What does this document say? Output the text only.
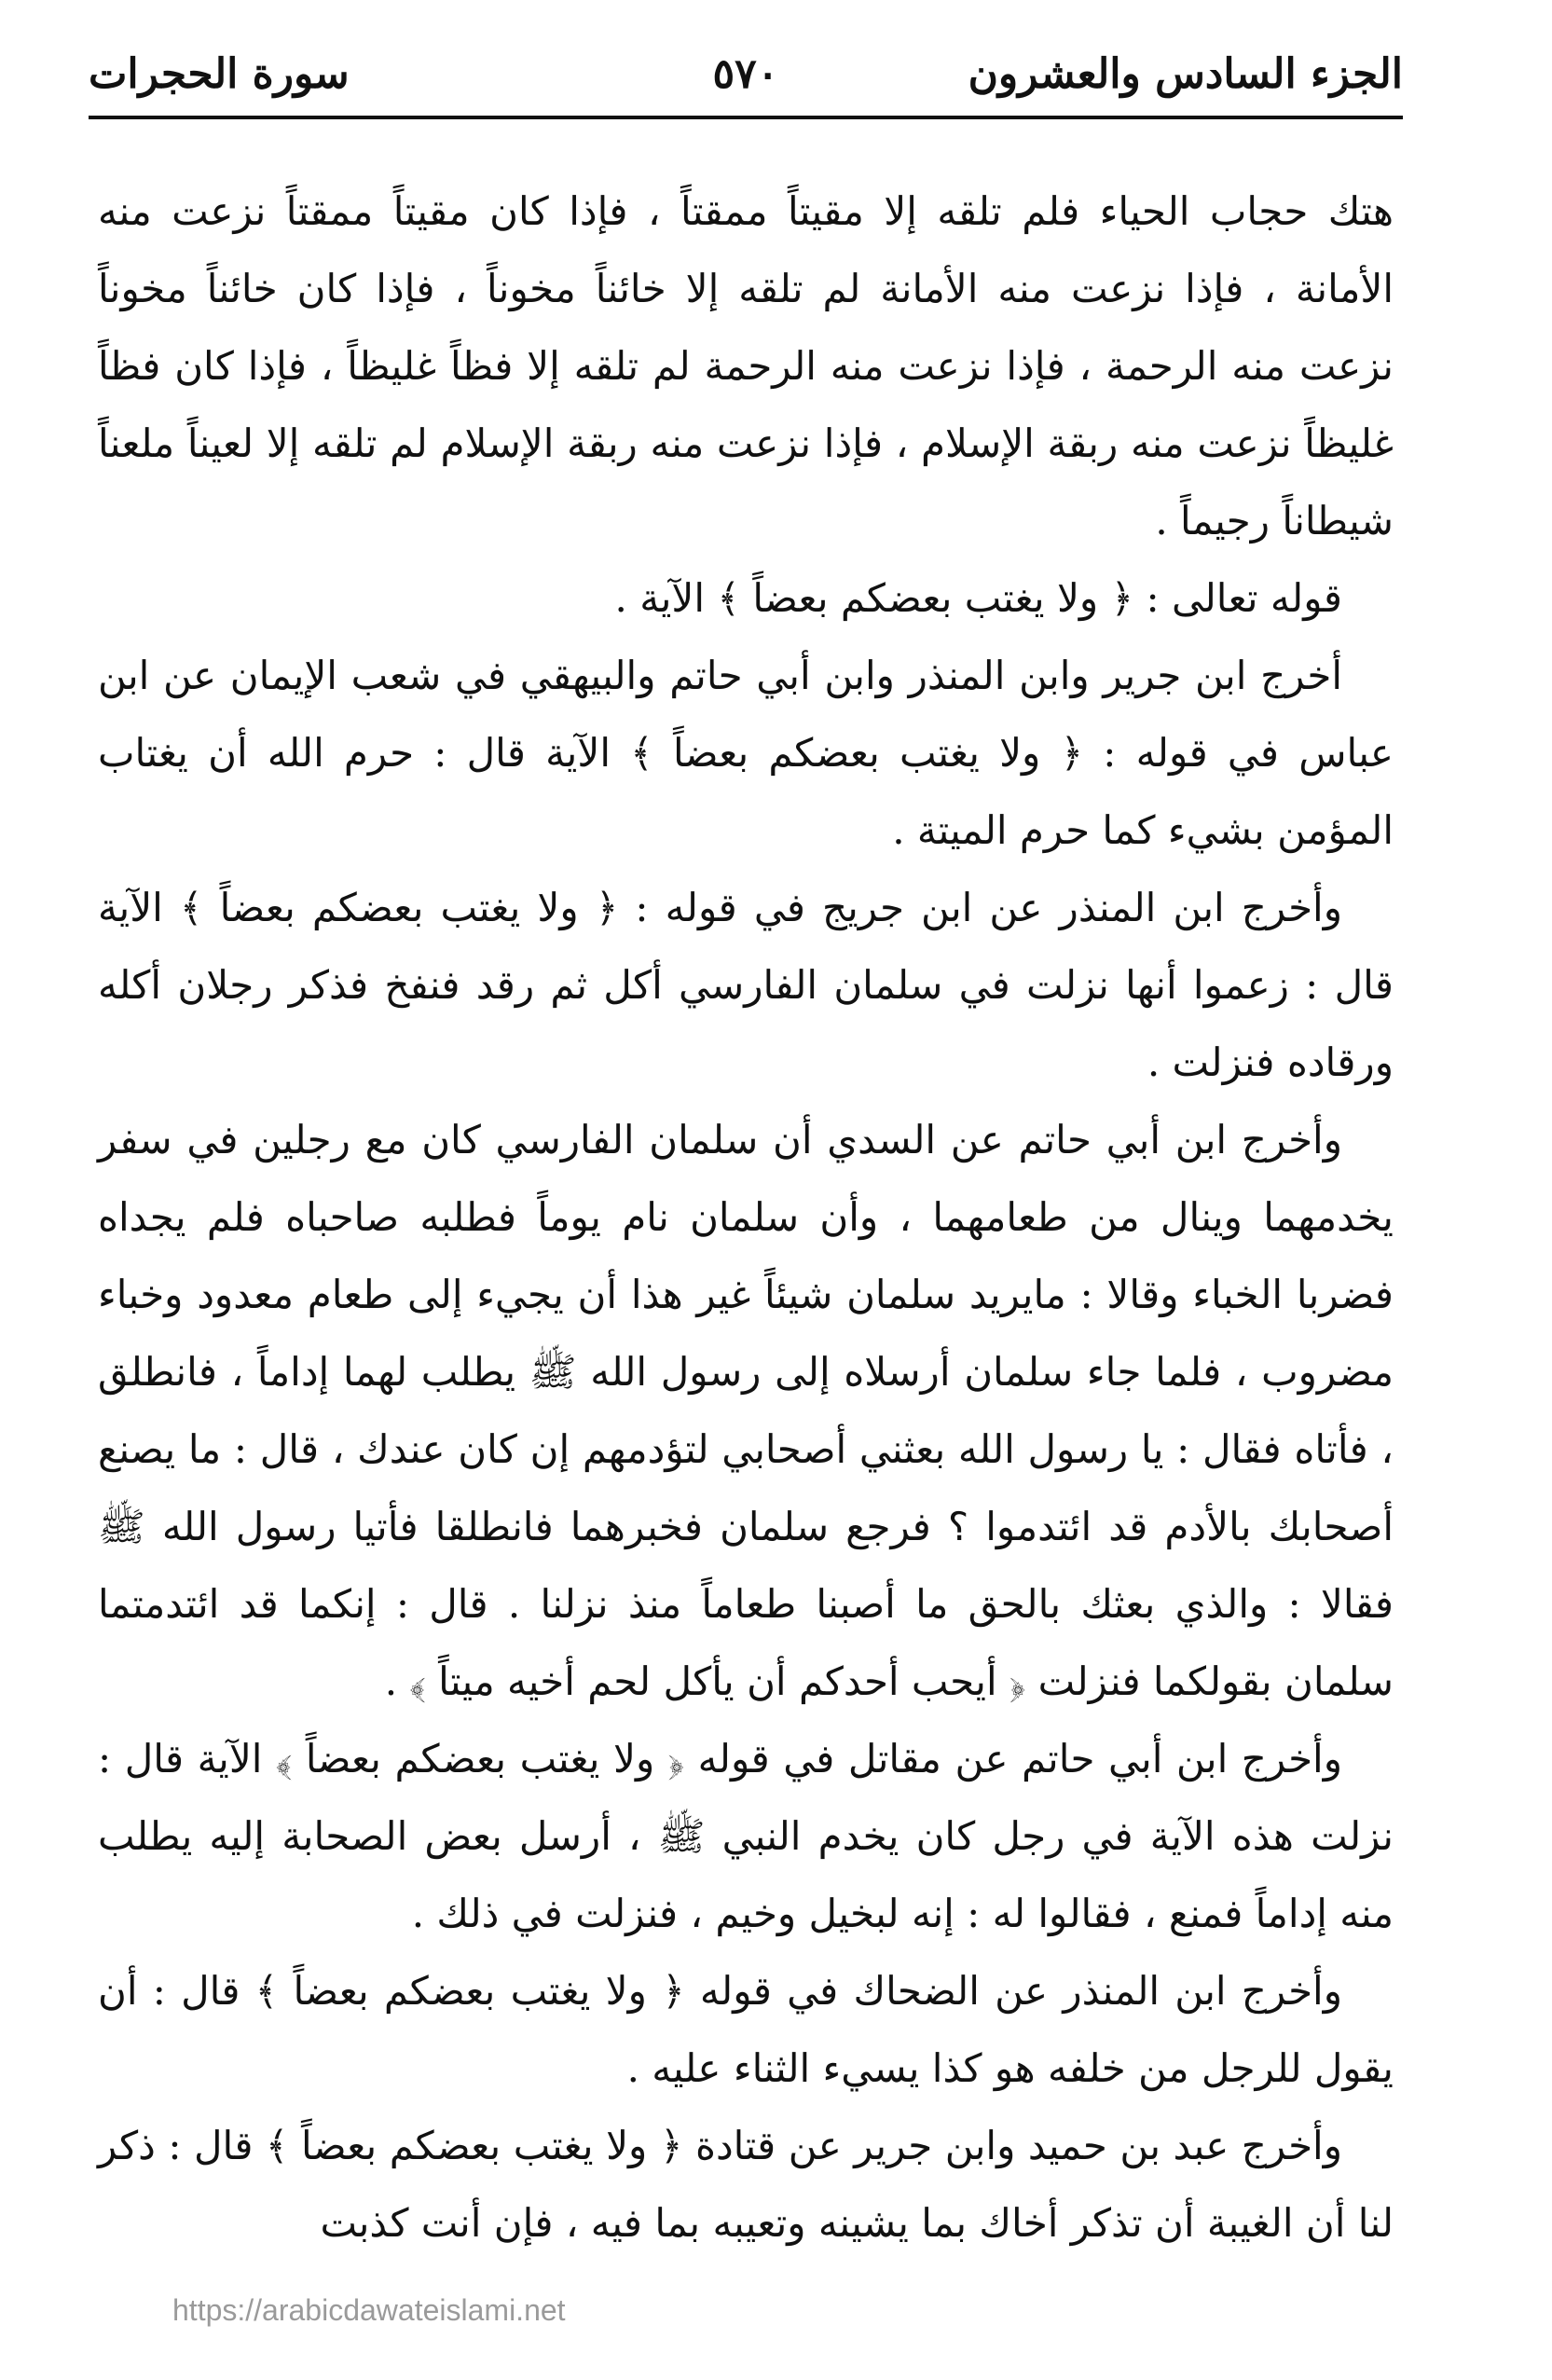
الجزء السادس والعشرون
٥٧٠
سورة الحجرات

هتك حجاب الحياء فلم تلقه إلا مقيتاً ممقتاً ، فإذا كان مقيتاً ممقتاً نزعت منه الأمانة ، فإذا نزعت منه الأمانة لم تلقه إلا خائناً مخوناً ، فإذا كان خائناً مخوناً نزعت منه الرحمة ، فإذا نزعت منه الرحمة لم تلقه إلا فظاً غليظاً ، فإذا كان فظاً غليظاً نزعت منه ربقة الإسلام ، فإذا نزعت منه ربقة الإسلام لم تلقه إلا لعيناً ملعناً شيطاناً رجيماً .

قوله تعالى : ﴿ ولا يغتب بعضكم بعضاً ﴾ الآية .

أخرج ابن جرير وابن المنذر وابن أبي حاتم والبيهقي في شعب الإيمان عن ابن عباس في قوله : ﴿ ولا يغتب بعضكم بعضاً ﴾ الآية قال : حرم الله أن يغتاب المؤمن بشيء كما حرم الميتة .

وأخرج ابن المنذر عن ابن جريج في قوله : ﴿ ولا يغتب بعضكم بعضاً ﴾ الآية قال : زعموا أنها نزلت في سلمان الفارسي أكل ثم رقد فنفخ فذكر رجلان أكله ورقاده فنزلت .

وأخرج ابن أبي حاتم عن السدي أن سلمان الفارسي كان مع رجلين في سفر يخدمهما وينال من طعامهما ، وأن سلمان نام يوماً فطلبه صاحباه فلم يجداه فضربا الخباء وقالا : مايريد سلمان شيئاً غير هذا أن يجيء إلى طعام معدود وخباء مضروب ، فلما جاء سلمان أرسلاه إلى رسول الله ﷺ يطلب لهما إداماً ، فانطلق ، فأتاه فقال : يا رسول الله بعثني أصحابي لتؤدمهم إن كان عندك ، قال : ما يصنع أصحابك بالأدم قد ائتدموا ؟ فرجع سلمان فخبرهما فانطلقا فأتيا رسول الله ﷺ فقالا : والذي بعثك بالحق ما أصبنا طعاماً منذ نزلنا . قال : إنكما قد ائتدمتما سلمان بقولكما فنزلت ﴿ أيحب أحدكم أن يأكل لحم أخيه ميتاً ﴾ .

وأخرج ابن أبي حاتم عن مقاتل في قوله ﴿ ولا يغتب بعضكم بعضاً ﴾ الآية قال : نزلت هذه الآية في رجل كان يخدم النبي ﷺ ، أرسل بعض الصحابة إليه يطلب منه إداماً فمنع ، فقالوا له : إنه لبخيل وخيم ، فنزلت في ذلك .

وأخرج ابن المنذر عن الضحاك في قوله ﴿ ولا يغتب بعضكم بعضاً ﴾ قال : أن يقول للرجل من خلفه هو كذا يسيء الثناء عليه .

وأخرج عبد بن حميد وابن جرير عن قتادة ﴿ ولا يغتب بعضكم بعضاً ﴾ قال : ذكر لنا أن الغيبة أن تذكر أخاك بما يشينه وتعيبه بما فيه ، فإن أنت كذبت

https://arabicdawateislami.net
